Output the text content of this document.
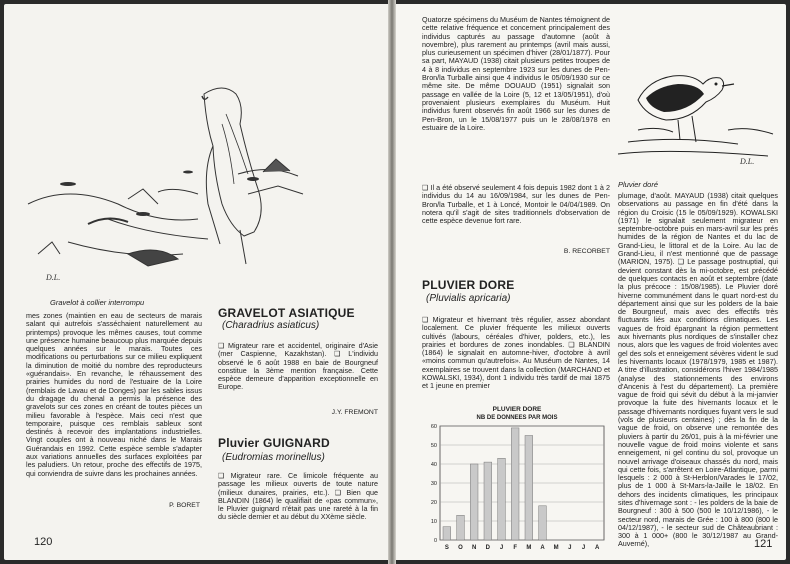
D.L.
Gravelot à collier interrompu
mes zones (maintien en eau de secteurs de marais salant qui autrefois s'asséchaient naturellement au printemps) provoque les mêmes causes, tout comme une présence humaine beaucoup plus marquée depuis quelques années sur le marais. Toutes ces modifications ou perturbations sur ce milieu expliquent la diminution de moitié du nombre des reproducteurs «guérandais». En revanche, le réhaussement des prairies humides du nord de l'estuaire de la Loire (remblais de Lavau et de Donges) par les sables issus du dragage du chenal a permis la présence des gravelots sur ces zones en créant de toutes pièces un milieu favorable à l'espèce. Mais ceci n'est que temporaire, puisque ces remblais sableux sont destinés à recevoir des implantations industrielles. Vingt couples ont à nouveau niché dans le Marais Guérandais en 1992. Cette espèce semble s'adapter aux variations annuelles des surfaces exploitées par les paludiers. Un retour, proche des effectifs de 1975, qui conviendra de suivre dans les prochaines années.
P. BORET
GRAVELOT ASIATIQUE
(Charadrius asiaticus)
❑ Migrateur rare et accidentel, originaire d'Asie (mer Caspienne, Kazakhstan). ❑ L'individu observé le 6 août 1988 en baie de Bourgneuf constitue la 3ème mention française. Cette espèce demeure d'apparition exceptionnelle en Europe.
J.Y. FREMONT
Pluvier GUIGNARD
(Eudromias morinellus)
❑ Migrateur rare. Ce limicole fréquente au passage les milieux ouverts de toute nature (milieux dunaires, prairies, etc.). ❑ Bien que BLANDIN (1864) le qualifiait de «pas commun», le Pluvier guignard n'était pas une rareté à la fin du siècle dernier et au début du XXème siècle.
120
Quatorze spécimens du Muséum de Nantes témoignent de cette relative fréquence et concernent principalement des individus capturés au passage d'automne (août à novembre), plus rarement au printemps (avril mais aussi, plus curieusement un spécimen d'hiver (28/01/1877). Pour sa part, MAYAUD (1938) citait plusieurs petites troupes de 4 à 8 individus en septembre 1923 sur les dunes de Pen-Bron/la Turballe ainsi que 4 individus le 05/09/1930 sur ce même site. De même DOUAUD (1951) signalait son passage en vallée de la Loire (5, 12 et 13/05/1951), d'où provenaient plusieurs exemplaires du Muséum. Huit individus furent observés fin août 1966 sur les dunes de Pen-Bron, un le 15/08/1977 puis un le 28/08/1978 en estuaire de la Loire.
❑ Il a été observé seulement 4 fois depuis 1982 dont 1 à 2 individus du 14 au 16/09/1984, sur les dunes de Pen-Bron/la Turballe, et 1 à Loncé, Montoir le 04/04/1989. On notera qu'il s'agit de sites traditionnels d'observation de cette espèce devenue fort rare.
B. RECORBET
D.L.
Pluvier doré
PLUVIER DORE
(Pluvialis apricaria)
❑ Migrateur et hivernant très régulier, assez abondant localement. Ce pluvier fréquente les milieux ouverts cultivés (labours, céréales d'hiver, polders, etc.), les prairies et bordures de zones inondables. ❑ BLANDIN (1864) le signalait en automne-hiver, d'octobre à avril «moins commun qu'autrefois». Au Muséum de Nantes, 14 exemplaires se trouvent dans la collection (MARCHAND et KOWALSKI, 1934), dont 1 individu très tardif de mai 1875 et 1 jeune en premier
PLUVIER DORE
NB DE DONNEES PAR MOIS
0
10
20
30
40
50
60
S O N D J F M A M J J A
plumage, d'août. MAYAUD (1938) citait quelques observations au passage en fin d'été dans la région du Croisic (15 le 05/09/1929). KOWALSKI (1971) le signalait seulement migrateur en septembre-octobre puis en mars-avril sur les prés humides de la région de Nantes et du lac de Grand-Lieu, le littoral et de la Loire. Au lac de Grand-Lieu, il n'est mentionné que de passage (MARION, 1975). ❑ Le passage postnuptial, qui devient constant dès la mi-octobre, est précédé de quelques contacts en août et septembre (date la plus précoce : 15/08/1985). Le Pluvier doré hiverne communément dans le quart nord-est du département ainsi que sur les polders de la baie de Bourgneuf, mais avec des effectifs très fluctuants liés aux conditions climatiques. Les vagues de froid épargnant la région permettent aux hivernants plus nordiques de s'installer chez nous, alors que les vagues de froid violentes avec gel des sols et enneigement sévères vident le sud les hivernants locaux (1978/1979, 1985 et 1987). A titre d'illustration, considérons l'hiver 1984/1985 (analyse des stationnements des environs d'Ancenis à l'est du département). La première vague de froid qui sévit du début à la mi-janvier provoque la fuite des hivernants locaux et le passage d'hivernants nordiques fuyant vers le sud (vols de plusieurs centaines) ; dès la fin de la vague de froid, on observe une remontée des pluviers à partir du 26/01, puis à la mi-février une nouvelle vague de froid moins violente et sans enneigement, ni gel continu du sol, provoque un nouvel arrivage d'oiseaux chassés du nord, mais qui cette fois, s'arrêtent en Loire-Atlantique, parmi lesquels : 2 000 à St-Herblon/Varades le 17/02, plus de 1 000 à St-Mars-la-Jaille le 18/02. En dehors des incidents climatiques, les principaux sites d'hivernage sont : - les polders de la baie de Bourgneuf : 300 à 500 (500 le 10/12/1986), - le secteur nord, marais de Grée : 100 à 800 (800 le 04/12/1987), - le secteur sud de Châteaubriant : 300 à 1 000+ (800 le 30/12/1987 au Grand-Auverné),	121
